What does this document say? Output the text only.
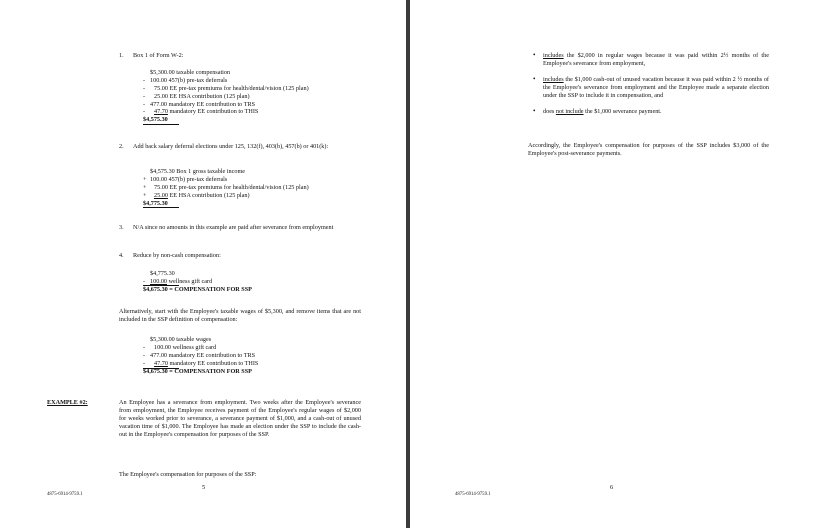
1. Box 1 of Form W-2:
$5,300.00 taxable compensation
- 100.00 457(b) pre-tax deferrals
-	75.00 EE pre-tax premiums for health/dental/vision (125 plan)
-	25.00 EE HSA contribution (125 plan)
- 477.00 mandatory EE contribution to TRS
-	47.70 mandatory EE contribution to THIS
$4,575.30
2. Add back salary deferral elections under 125, 132(f), 403(b), 457(b) or 401(k):
$4,575.30 Box 1 gross taxable income
+ 100.00 457(b) pre-tax deferrals
+	75.00 EE pre-tax premiums for health/dental/vision (125 plan)
+	25.00 EE HSA contribution (125 plan)
$4,775.30
3. N/A since no amounts in this example are paid after severance from employment
4. Reduce by non-cash compensation:
$4,775.30
- 100.00 wellness gift card
$4,675.30 = COMPENSATION FOR SSP
Alternatively, start with the Employee's taxable wages of $5,300, and remove items that are not included in the SSP definition of compensation:
$5,300.00 taxable wages
-	100.00 wellness gift card
- 477.00 mandatory EE contribution to TRS
-	47.70 mandatory EE contribution to THIS
$4,675.30 = COMPENSATION FOR SSP
EXAMPLE #2:	An Employee has a severance from employment. Two weeks after the Employee's severance from employment, the Employee receives payment of the Employee's regular wages of $2,000 for weeks worked prior to severance, a severance payment of $1,000, and a cash-out of unused vacation time of $1,000. The Employee has made an election under the SSP to include the cash-out in the Employee's compensation for purposes of the SSP.
The Employee's compensation for purposes of the SSP:
5
4875-6914-9759.1
•	includes the $2,000 in regular wages because it was paid within 2½ months of the Employee's severance from employment,
•	includes the $1,000 cash-out of unused vacation because it was paid within 2 ½ months of the Employee's severance from employment and the Employee made a separate election under the SSP to include it in compensation, and
•	does not include the $1,000 severance payment.
Accordingly, the Employee's compensation for purposes of the SSP includes $3,000 of the Employee's post-severance payments.
6
4875-6914-9759.1
